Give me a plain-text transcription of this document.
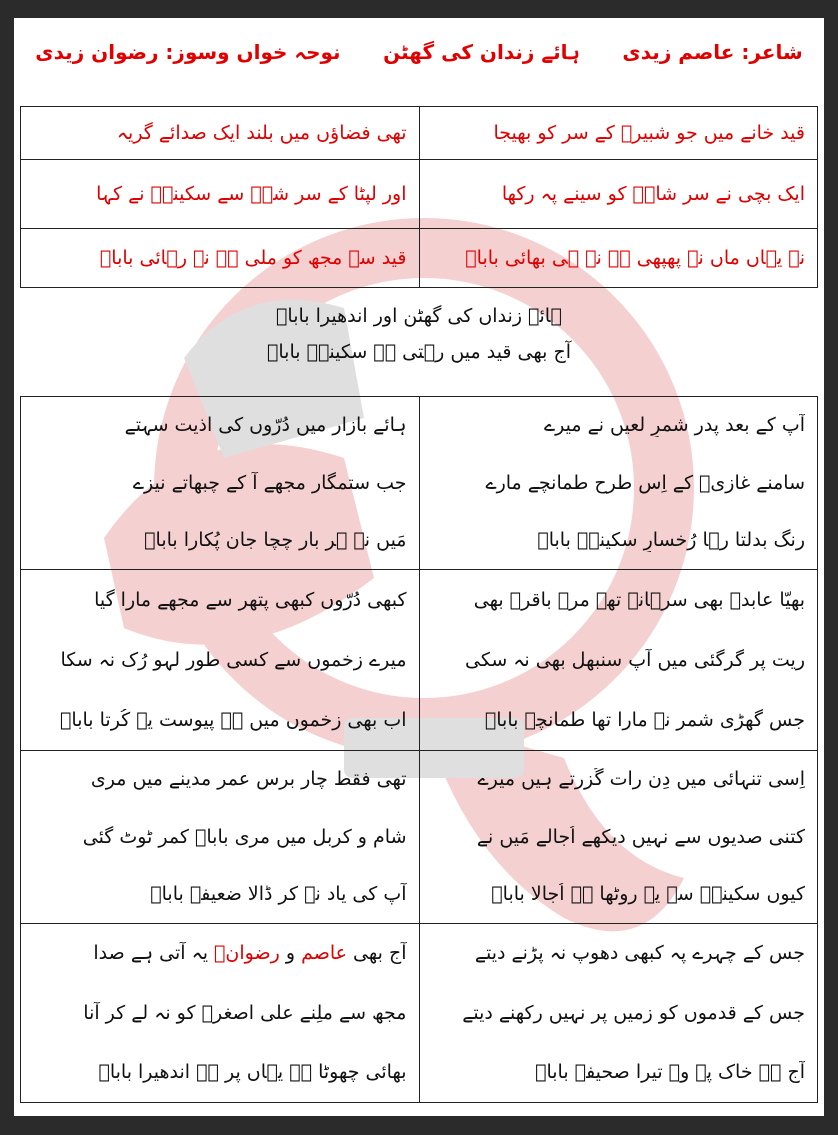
شاعر: عاصم زیدی
ہائے زندان کی گھٹن
نوحہ خواں وسوز: رضوان زیدی
قید خانے میں جو شبیرؑ کے سر کو بھیجا
تھی فضاؤں میں بلند ایک صدائے گریہ
ایک بچی نے سرِ شاہؑ کو سینے پہ رکھا
اور لپٹا کے سرِ شہؑ سے سکینہؑ نے کہا
نہ یہاں ماں نہ پھپھی ہے نہ ہی بھائی باباؑ
قید سے مجھ کو ملی ہے نہ رہائی باباؑ
ہائے زنداں کی گھٹن اور اندھیرا باباؑ
آج بھی قید میں رہتی ہے سکینہؑ باباؑ
آپ کے بعد پدر شمرِ لعیں نے میرے
سامنے غازیؑ کے اِس طرح طمانچے مارے
رنگ بدلتا رہا رُخسارِ سکینہؑ باباؑ
ہائے بازار میں دُرّوں کی اذیت سہتے
جب ستمگار مجھے آ کے چبھاتے نیزے
مَیں نے ہر بار چچا جان پُکارا باباؑ
بھیّا عابدؑ بھی سرہانے تھے مرے باقرؑ بھی
ریت پر گرگئی میں آپ سنبھل بھی نہ سکی
جس گھڑی شمر نے مارا تھا طمانچہ باباؑ
کبھی دُرّوں کبھی پتھر سے مجھے مارا گیا
میرے زخموں سے کسی طور لہو رُک نہ سکا
اب بھی زخموں میں ہے پیوست یہ کُرتا باباؑ
اِسی تنہائی میں دِن رات گُزرتے ہیں میرے
کتنی صدیوں سے نہیں دیکھے اُجالے مَیں نے
کیوں سکینہؑ سے یہ روٹھا ہے اُجالا باباؑ
تھی فقط چار برس عمر مدینے میں مری
شام و کربل میں مری باباؑ کمر ٹوٹ گئی
آپ کی یاد نے کر ڈالا ضعیفہ باباؑ
جس کے چہرے پہ کبھی دھوپ نہ پڑنے دیتے
جس کے قدموں کو زمیں پر نہیں رکھنے دیتے
آج ہے خاک پہ وہ تیرا صحیفہ باباؑ
آج بھی عاصم و رضوانؔ یہ آتی ہے صدا
مجھ سے ملِنے علی اصغرؑ کو نہ لے کر آنا
بھائی چھوٹا ہے یہاں پر ہے اندھیرا باباؑ
